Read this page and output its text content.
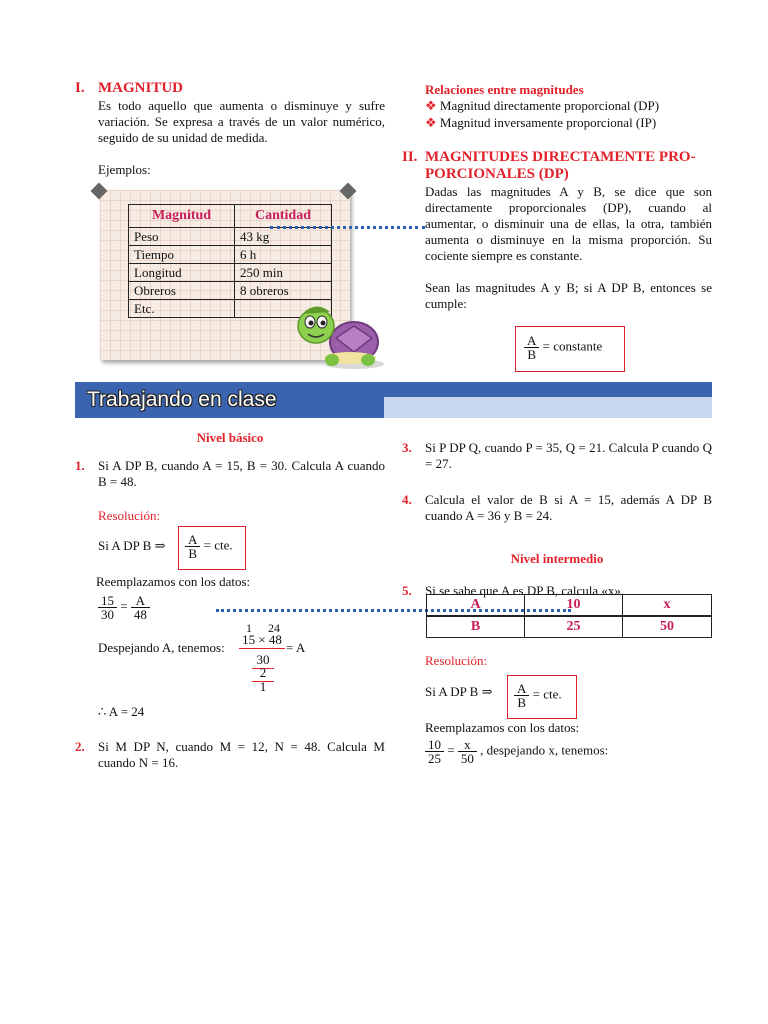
I. MAGNITUD
Es todo aquello que aumenta o disminuye y sufre variación. Se expresa a través de un valor numérico, seguido de su unidad de medida.
Ejemplos:
Magnitud	Cantidad
Peso	43 kg
Tiempo	6 h
Longitud	250 min
Obreros	8 obreros
Etc.	
Relaciones entre magnitudes
❖ Magnitud directamente proporcional (DP)
❖ Magnitud inversamente proporcional (IP)
II. MAGNITUDES DIRECTAMENTE PRO-
PORCIONALES (DP)
Dadas las magnitudes A y B, se dice que son directamente proporcionales (DP), cuando al aumentar, o disminuir una de ellas, la otra, también aumenta o disminuye en la misma proporción. Su cociente siempre es constante.
Sean las magnitudes A y B; si A DP B, entonces se cumple:
$\frac{A}{B}$ = constante
Trabajando en clase
Nivel básico
1. Si A DP B, cuando A = 15, B = 30. Calcula A cuando B = 48.
Resolución:
Si A DP B ⇒ $\frac{A}{B}$ = cte.
Reemplazamos con los datos:
$\frac{15}{30} = \frac{A}{48}$
Despejando A, tenemos:
1 24
15 × 48
= A
30
2
1
∴ A = 24
2. Si M DP N, cuando M = 12, N = 48. Calcula M cuando N = 16.
3. Si P DP Q, cuando P = 35, Q = 21. Calcula P cuando Q = 27.
4. Calcula el valor de B si A = 15, además A DP B cuando A = 36 y B = 24.
Nivel intermedio
5. Si se sabe que A es DP B, calcula «x».
A	10	x
B	25	50
Resolución:
Si A DP B ⇒ $\frac{A}{B}$ = cte.
Reemplazamos con los datos:
$\frac{10}{25} = \frac{x}{50}$ , despejando x, tenemos:
